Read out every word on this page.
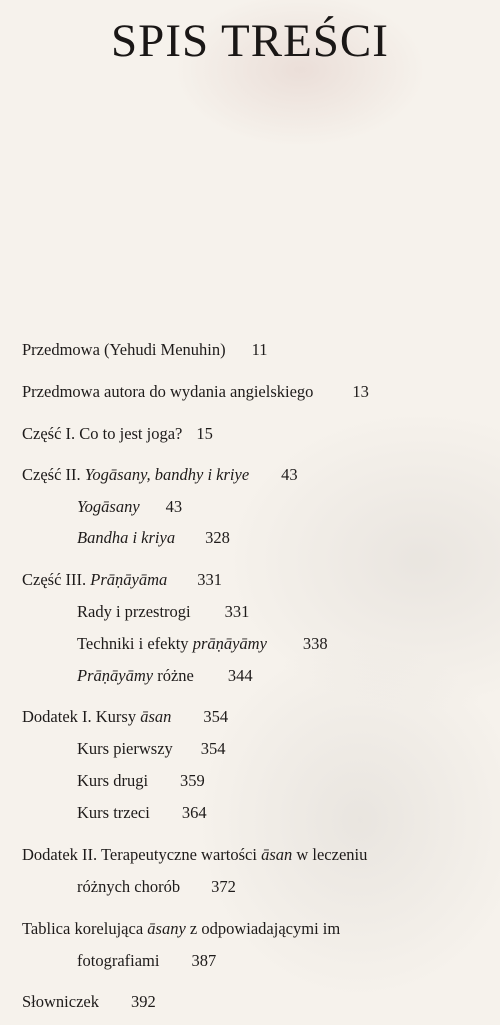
SPIS TREŚCI
Przedmowa (Yehudi Menuhin) 11
Przedmowa autora do wydania angielskiego 13
Część I. Co to jest joga? 15
Część II. Yogāsany, bandhy i kriye 43
Yogāsany 43
Bandha i kriya 328
Część III. Prāṇāyāma 331
Rady i przestrogi 331
Techniki i efekty prāṇāyāmy 338
Prāṇāyāmy różne 344
Dodatek I. Kursy āsan 354
Kurs pierwszy 354
Kurs drugi 359
Kurs trzeci 364
Dodatek II. Terapeutyczne wartości āsan w leczeniu
różnych chorób 372
Tablica korelująca āsany z odpowiadającymi im
fotografiami 387
Słowniczek 392
